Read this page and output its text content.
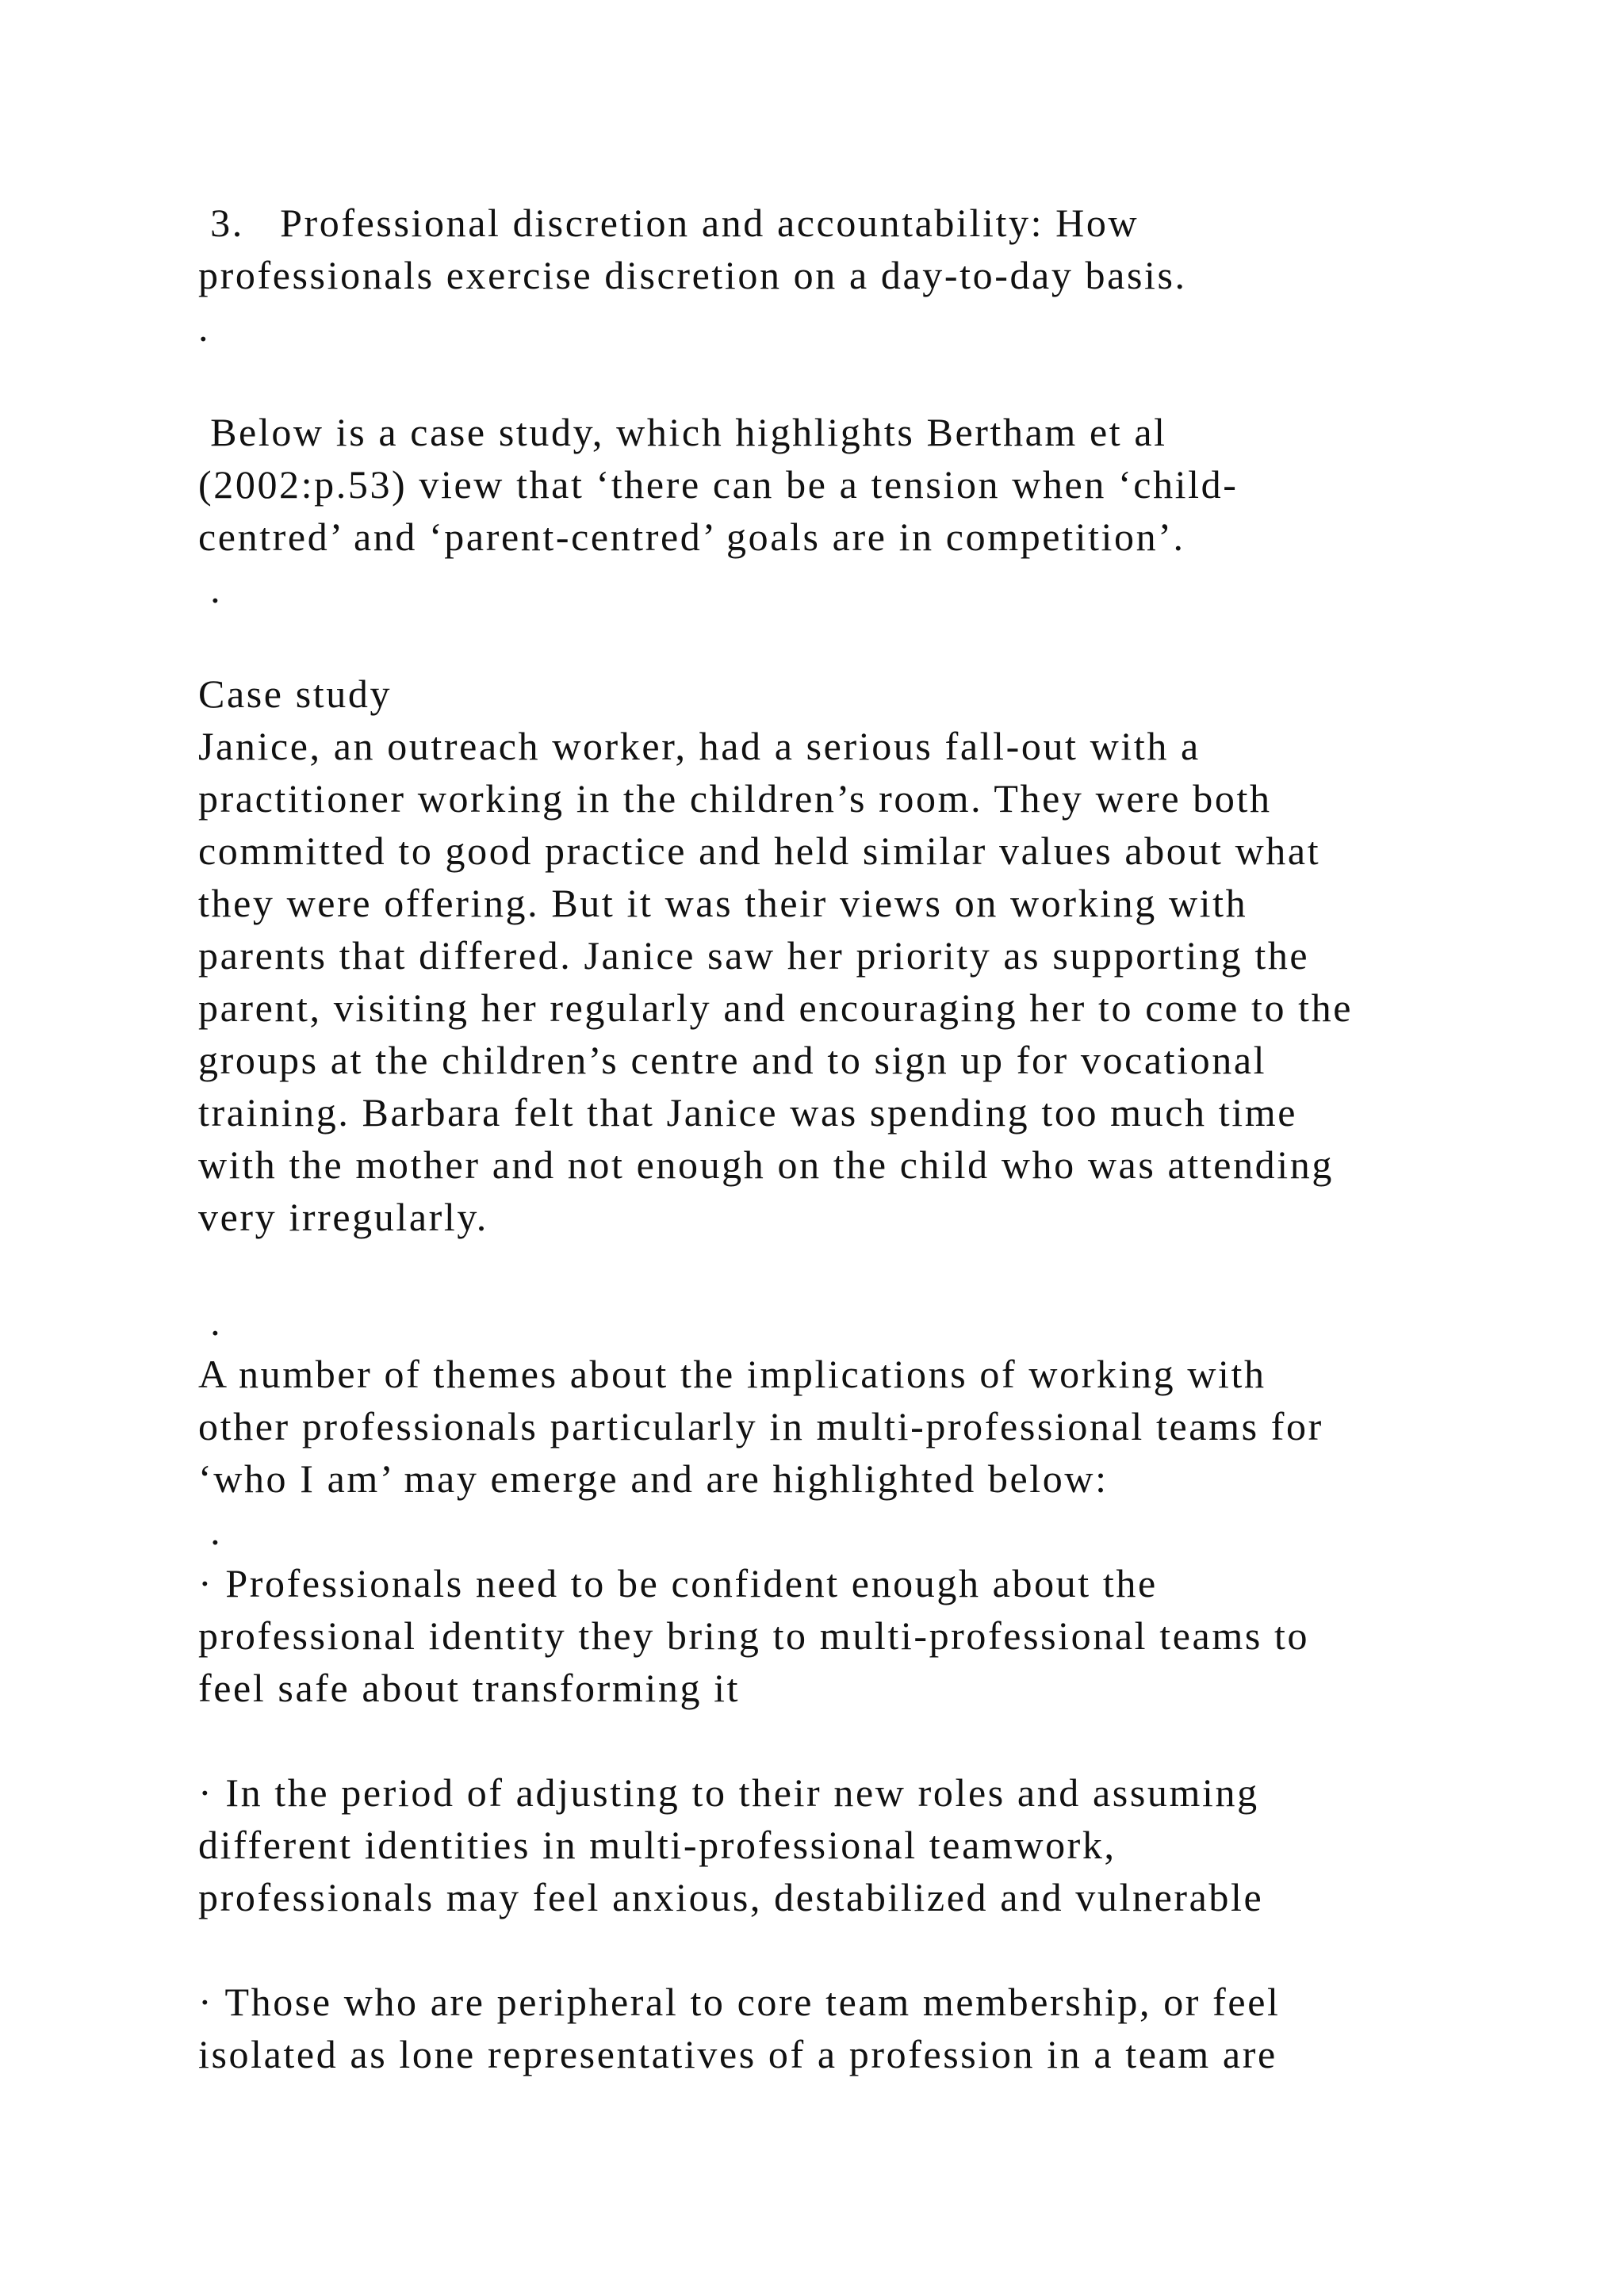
3.   Professional discretion and accountability: How

professionals exercise discretion on a day-to-day basis.

.

Below is a case study, which highlights Bertham et al

(2002:p.53) view that ‘there can be a tension when ‘child-

centred’ and ‘parent-centred’ goals are in competition’.

.

Case study

Janice, an outreach worker, had a serious fall-out with a

practitioner working in the children’s room. They were both

committed to good practice and held similar values about what

they were offering. But it was their views on working with

parents that differed. Janice saw her priority as supporting the

parent, visiting her regularly and encouraging her to come to the

groups at the children’s centre and to sign up for vocational

training. Barbara felt that Janice was spending too much time

with the mother and not enough on the child who was attending

very irregularly.

.

A number of themes about the implications of working with

other professionals particularly in multi-professional teams for

‘who I am’ may emerge and are highlighted below:

.

· Professionals need to be confident enough about the

professional identity they bring to multi-professional teams to

feel safe about transforming it

· In the period of adjusting to their new roles and assuming

different identities in multi-professional teamwork,

professionals may feel anxious, destabilized and vulnerable

· Those who are peripheral to core team membership, or feel

isolated as lone representatives of a profession in a team are
